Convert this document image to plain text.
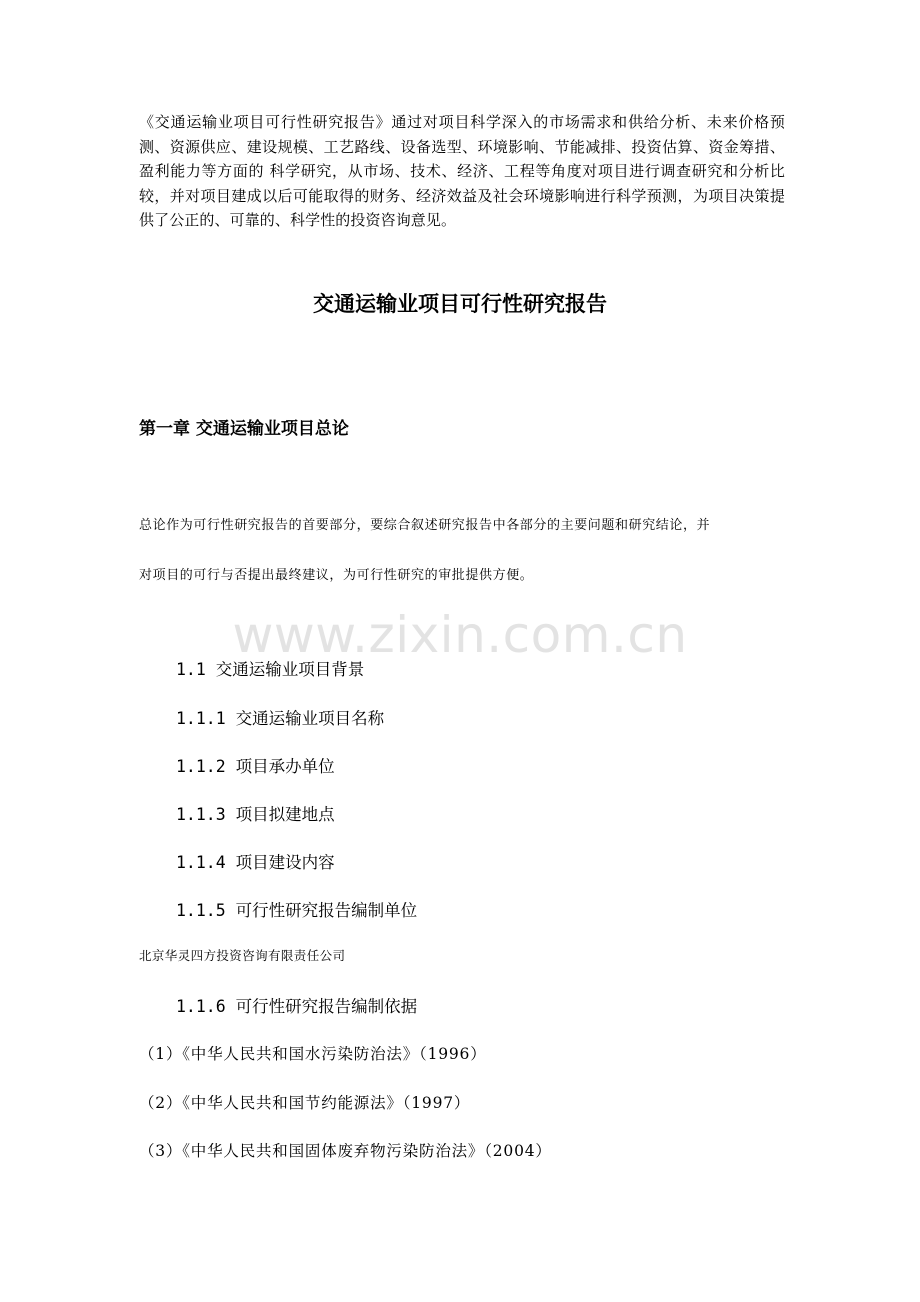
《交通运输业项目可行性研究报告》通过对项目科学深入的市场需求和供给分析、未来价格预测、资源供应、建设规模、工艺路线、设备选型、环境影响、节能减排、投资估算、资金筹措、盈利能力等方面的 科学研究，从市场、技术、经济、工程等角度对项目进行调查研究和分析比较，并对项目建成以后可能取得的财务、经济效益及社会环境影响进行科学预测，为项目决策提供了公正的、可靠的、科学性的投资咨询意见。
交通运输业项目可行性研究报告
第一章 交通运输业项目总论
总论作为可行性研究报告的首要部分，要综合叙述研究报告中各部分的主要问题和研究结论，并
对项目的可行与否提出最终建议，为可行性研究的审批提供方便。
www.zixin.com.cn
1.1 交通运输业项目背景
1.1.1 交通运输业项目名称
1.1.2 项目承办单位
1.1.3 项目拟建地点
1.1.4 项目建设内容
1.1.5 可行性研究报告编制单位
北京华灵四方投资咨询有限责任公司
1.1.6 可行性研究报告编制依据
（1）《中华人民共和国水污染防治法》（1996）
（2）《中华人民共和国节约能源法》（1997）
（3）《中华人民共和国固体废弃物污染防治法》（2004）
